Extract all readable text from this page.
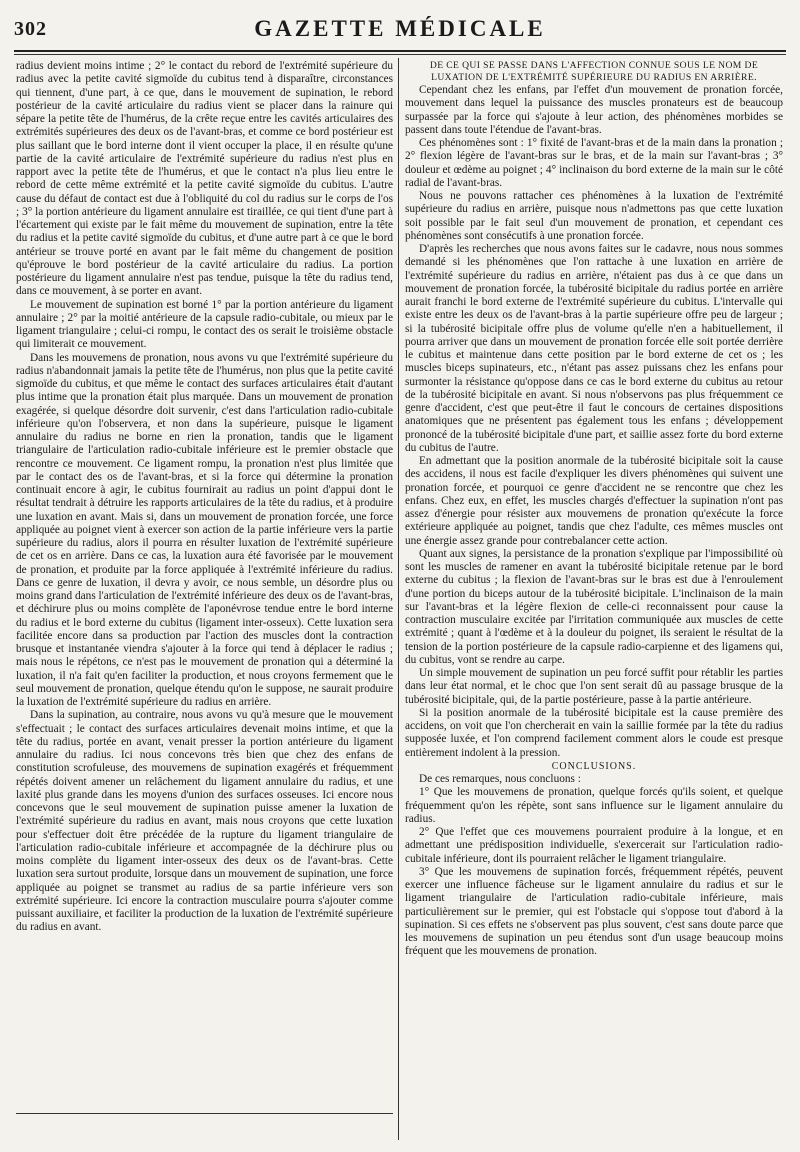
302	GAZETTE MÉDICALE

radius devient moins intime ; 2° le contact du rebord de l'extrémité supérieure du radius avec la petite cavité sigmoïde du cubitus tend à disparaître, circonstances qui tiennent, d'une part, à ce que, dans le mouvement de supination, le rebord postérieur de la cavité articulaire du radius vient se placer dans la rainure qui sépare la petite tête de l'humérus, de la crête reçue entre les cavités articulaires des extrémités supérieures des deux os de l'avant-bras, et comme ce bord postérieur est plus saillant que le bord interne dont il vient occuper la place, il en résulte qu'une partie de la cavité articulaire de l'extrémité supérieure du radius n'est plus en rapport avec la petite tête de l'humérus, et que le contact n'a plus lieu entre le rebord de cette même extrémité et la petite cavité sigmoïde du cubitus. L'autre cause du défaut de contact est due à l'obliquité du col du radius sur le corps de l'os ; 3° la portion antérieure du ligament annulaire est tiraillée, ce qui tient d'une part à l'écartement qui existe par le fait même du mouvement de supination, entre la tête du radius et la petite cavité sigmoïde du cubitus, et d'une autre part à ce que le bord antérieur se trouve porté en avant par le fait même du changement de position qu'éprouve le bord postérieur de la cavité articulaire du radius. La portion postérieure du ligament annulaire n'est pas tendue, puisque la tête du radius tend, dans ce mouvement, à se porter en avant.

Le mouvement de supination est borné 1° par la portion antérieure du ligament annulaire ; 2° par la moitié antérieure de la capsule radio-cubitale, ou mieux par le ligament triangulaire ; celui-ci rompu, le contact des os serait le troisième obstacle qui limiterait ce mouvement.

Dans les mouvemens de pronation, nous avons vu que l'extrémité supérieure du radius n'abandonnait jamais la petite tête de l'humérus, non plus que la petite cavité sigmoïde du cubitus, et que même le contact des surfaces articulaires était d'autant plus intime que la pronation était plus marquée. Dans un mouvement de pronation exagérée, si quelque désordre doit survenir, c'est dans l'articulation radio-cubitale inférieure qu'on l'observera, et non dans la supérieure, puisque le ligament annulaire du radius ne borne en rien la pronation, tandis que le ligament triangulaire de l'articulation radio-cubitale inférieure est le premier obstacle que rencontre ce mouvement. Ce ligament rompu, la pronation n'est plus limitée que par le contact des os de l'avant-bras, et si la force qui détermine la pronation continuait encore à agir, le cubitus fournirait au radius un point d'appui dont le résultat tendrait à détruire les rapports articulaires de la tête du radius, et à produire une luxation en avant. Mais si, dans un mouvement de pronation forcée, une force appliquée au poignet vient à exercer son action de la partie inférieure vers la partie supérieure du radius, alors il pourra en résulter luxation de l'extrémité supérieure de cet os en arrière. Dans ce cas, la luxation aura été favorisée par le mouvement de pronation, et produite par la force appliquée à l'extrémité inférieure du radius. Dans ce genre de luxation, il devra y avoir, ce nous semble, un désordre plus ou moins grand dans l'articulation de l'extrémité inférieure des deux os de l'avant-bras, et déchirure plus ou moins complète de l'aponévrose tendue entre le bord interne du radius et le bord externe du cubitus (ligament inter-osseux). Cette luxation sera facilitée encore dans sa production par l'action des muscles dont la contraction brusque et instantanée viendra s'ajouter à la force qui tend à déplacer le radius ; mais nous le répétons, ce n'est pas le mouvement de pronation qui a déterminé la luxation, il n'a fait qu'en faciliter la production, et nous croyons fermement que le seul mouvement de pronation, quelque étendu qu'on le suppose, ne saurait produire la luxation de l'extrémité supérieure du radius en arrière.

Dans la supination, au contraire, nous avons vu qu'à mesure que le mouvement s'effectuait ; le contact des surfaces articulaires devenait moins intime, et que la tête du radius, portée en avant, venait presser la portion antérieure du ligament annulaire du radius. Ici nous concevons très bien que chez des enfans de constitution scrofuleuse, des mouvemens de supination exagérés et fréquemment répétés doivent amener un relâchement du ligament annulaire du radius, et une laxité plus grande dans les moyens d'union des surfaces osseuses. Ici encore nous concevons que le seul mouvement de supination puisse amener la luxation de l'extrémité supérieure du radius en avant, mais nous croyons que cette luxation pour s'effectuer doit être précédée de la rupture du ligament triangulaire de l'articulation radio-cubitale inférieure et accompagnée de la déchirure plus ou moins complète du ligament inter-osseux des deux os de l'avant-bras. Cette luxation sera surtout produite, lorsque dans un mouvement de supination, une force appliquée au poignet se transmet au radius de sa partie inférieure vers son extrémité supérieure. Ici encore la contraction musculaire pourra s'ajouter comme puissant auxiliaire, et faciliter la production de la luxation de l'extrémité supérieure du radius en avant.

DE CE QUI SE PASSE DANS L'AFFECTION CONNUE SOUS LE NOM DE LUXATION DE L'EXTRÉMITÉ SUPÉRIEURE DU RADIUS EN ARRIÈRE.

Cependant chez les enfans, par l'effet d'un mouvement de pronation forcée, mouvement dans lequel la puissance des muscles pronateurs est de beaucoup surpassée par la force qui s'ajoute à leur action, des phénomènes morbides se passent dans toute l'étendue de l'avant-bras.

Ces phénomènes sont : 1° fixité de l'avant-bras et de la main dans la pronation ; 2° flexion légère de l'avant-bras sur le bras, et de la main sur l'avant-bras ; 3° douleur et œdème au poignet ; 4° inclinaison du bord externe de la main sur le côté radial de l'avant-bras.

Nous ne pouvons rattacher ces phénomènes à la luxation de l'extrémité supérieure du radius en arrière, puisque nous n'admettons pas que cette luxation soit possible par le fait seul d'un mouvement de pronation, et cependant ces phénomènes sont consécutifs à une pronation forcée.

D'après les recherches que nous avons faites sur le cadavre, nous nous sommes demandé si les phénomènes que l'on rattache à une luxation en arrière de l'extrémité supérieure du radius en arrière, n'étaient pas dus à ce que dans un mouvement de pronation forcée, la tubérosité bicipitale du radius portée en arrière aurait franchi le bord externe de l'extrémité supérieure du cubitus. L'intervalle qui existe entre les deux os de l'avant-bras à la partie supérieure offre peu de largeur ; si la tubérosité bicipitale offre plus de volume qu'elle n'en a habituellement, il pourra arriver que dans un mouvement de pronation forcée elle soit portée derrière le cubitus et maintenue dans cette position par le bord externe de cet os ; les muscles biceps supinateurs, etc., n'étant pas assez puissans chez les enfans pour surmonter la résistance qu'oppose dans ce cas le bord externe du cubitus au retour de la tubérosité bicipitale en avant. Si nous n'observons pas plus fréquemment ce genre d'accident, c'est que peut-être il faut le concours de certaines dispositions anatomiques que ne présentent pas également tous les enfans ; développement prononcé de la tubérosité bicipitale d'une part, et saillie assez forte du bord externe du cubitus de l'autre.

En admettant que la position anormale de la tubérosité bicipitale soit la cause des accidens, il nous est facile d'expliquer les divers phénomènes qui suivent une pronation forcée, et pourquoi ce genre d'accident ne se rencontre que chez les enfans. Chez eux, en effet, les muscles chargés d'effectuer la supination n'ont pas assez d'énergie pour résister aux mouvemens de pronation qu'exécute la force extérieure appliquée au poignet, tandis que chez l'adulte, ces mêmes muscles ont une énergie assez grande pour contrebalancer cette action.

Quant aux signes, la persistance de la pronation s'explique par l'impossibilité où sont les muscles de ramener en avant la tubérosité bicipitale retenue par le bord externe du cubitus ; la flexion de l'avant-bras sur le bras est due à l'enroulement d'une portion du biceps autour de la tubérosité bicipitale. L'inclinaison de la main sur l'avant-bras et la légère flexion de celle-ci reconnaissent pour cause la contraction musculaire excitée par l'irritation communiquée aux muscles de cette extrémité ; quant à l'œdème et à la douleur du poignet, ils seraient le résultat de la tension de la portion postérieure de la capsule radio-carpienne et des ligamens qui, du cubitus, vont se rendre au carpe.

Un simple mouvement de supination un peu forcé suffit pour rétablir les parties dans leur état normal, et le choc que l'on sent serait dû au passage brusque de la tubérosité bicipitale, qui, de la partie postérieure, passe à la partie antérieure.

Si la position anormale de la tubérosité bicipitale est la cause première des accidens, on voit que l'on chercherait en vain la saillie formée par la tête du radius supposée luxée, et l'on comprend facilement comment alors le coude est presque entièrement indolent à la pression.

CONCLUSIONS.

De ces remarques, nous concluons :

1° Que les mouvemens de pronation, quelque forcés qu'ils soient, et quelque fréquemment qu'on les répète, sont sans influence sur le ligament annulaire du radius.

2° Que l'effet que ces mouvemens pourraient produire à la longue, et en admettant une prédisposition individuelle, s'exercerait sur l'articulation radio-cubitale inférieure, dont ils pourraient relâcher le ligament triangulaire.

3° Que les mouvemens de supination forcés, fréquemment répétés, peuvent exercer une influence fâcheuse sur le ligament annulaire du radius et sur le ligament triangulaire de l'articulation radio-cubitale inférieure, mais particulièrement sur le premier, qui est l'obstacle qui s'oppose tout d'abord à la supination. Si ces effets ne s'observent pas plus souvent, c'est sans doute parce que les mouvemens de supination un peu étendus sont d'un usage beaucoup moins fréquent que les mouvemens de pronation.
